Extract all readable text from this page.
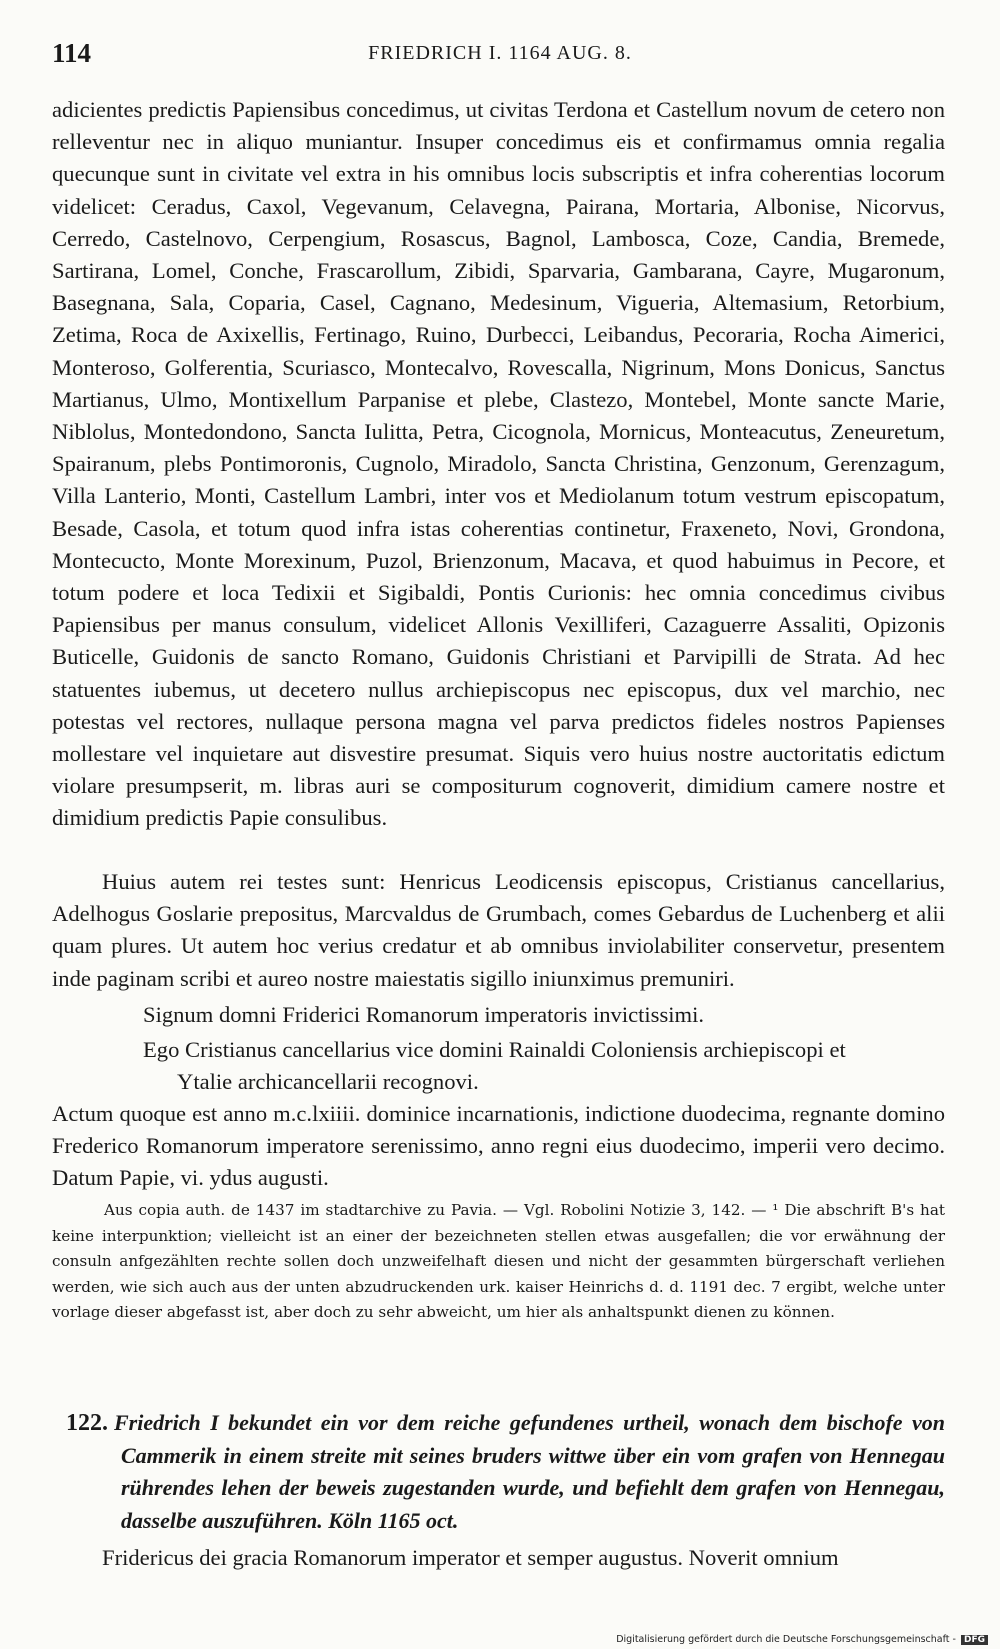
114	FRIEDRICH I. 1164 AUG. 8.

adicientes predictis Papiensibus concedimus, ut civitas Terdona et Castellum novum de cetero non relleventur nec in aliquo muniantur. Insuper concedimus eis et confirmamus omnia regalia quecunque sunt in civitate vel extra in his omnibus locis subscriptis et infra coherentias locorum videlicet: Ceradus, Caxol, Vegevanum, Celavegna, Pairana, Mortaria, Albonise, Nicorvus, Cerredo, Castelnovo, Cerpengium, Rosascus, Bagnol, Lambosca, Coze, Candia, Bremede, Sartirana, Lomel, Conche, Frascarollum, Zibidi, Sparvaria, Gambarana, Cayre, Mugaronum, Basegnana, Sala, Coparia, Casel, Cagnano, Medesinum, Vigueria, Altemasium, Retorbium, Zetima, Roca de Axixellis, Fertinago, Ruino, Durbecci, Leibandus, Pecoraria, Rocha Aimerici, Monteroso, Golferentia, Scuriasco, Montecalvo, Rovescalla, Nigrinum, Mons Donicus, Sanctus Martianus, Ulmo, Montixellum Parpanise et plebe, Clastezo, Montebel, Monte sancte Marie, Niblolus, Montedondono, Sancta Iulitta, Petra, Cicognola, Mornicus, Monteacutus, Zeneuretum, Spairanum, plebs Pontimoronis, Cugnolo, Miradolo, Sancta Christina, Genzonum, Gerenzagum, Villa Lanterio, Monti, Castellum Lambri, inter vos et Mediolanum totum vestrum episcopatum, Besade, Casola, et totum quod infra istas coherentias continetur, Fraxeneto, Novi, Grondona, Montecucto, Monte Morexinum, Puzol, Brienzonum, Macava, et quod habuimus in Pecore, et totum podere et loca Tedixii et Sigibaldi, Pontis Curionis: hec omnia concedimus civibus Papiensibus per manus consulum, videlicet Allonis Vexilliferi, Cazaguerre Assaliti, Opizonis Buticelle, Guidonis de sancto Romano, Guidonis Christiani et Parvipilli de Strata. Ad hec statuentes iubemus, ut decetero nullus archiepiscopus nec episcopus, dux vel marchio, nec potestas vel rectores, nullaque persona magna vel parva predictos fideles nostros Papienses mollestare vel inquietare aut disvestire presumat. Siquis vero huius nostre auctoritatis edictum violare presumpserit, m. libras auri se compositurum cognoverit, dimidium camere nostre et dimidium predictis Papie consulibus.

Huius autem rei testes sunt: Henricus Leodicensis episcopus, Cristianus cancellarius, Adelhogus Goslarie prepositus, Marcvaldus de Grumbach, comes Gebardus de Luchenberg et alii quam plures. Ut autem hoc verius credatur et ab omnibus inviolabiliter conservetur, presentem inde paginam scribi et aureo nostre maiestatis sigillo iniunximus premuniri.

Signum domni Friderici Romanorum imperatoris invictissimi.

Ego Cristianus cancellarius vice domini Rainaldi Coloniensis archiepiscopi et
Ytalie archicancellarii recognovi.

Actum quoque est anno m.c.lxiiii. dominice incarnationis, indictione duodecima, regnante domino Frederico Romanorum imperatore serenissimo, anno regni eius duodecimo, imperii vero decimo. Datum Papie, vi. ydus augusti.

Aus copia auth. de 1437 im stadtarchive zu Pavia. — Vgl. Robolini Notizie 3, 142. — ¹ Die abschrift B's hat keine interpunktion; vielleicht ist an einer der bezeichneten stellen etwas ausgefallen; die vor erwähnung der consuln anfgezählten rechte sollen doch unzweifelhaft diesen und nicht der gesammten bürgerschaft verliehen werden, wie sich auch aus der unten abzudruckenden urk. kaiser Heinrichs d. d. 1191 dec. 7 ergibt, welche unter vorlage dieser abgefasst ist, aber doch zu sehr abweicht, um hier als anhaltspunkt dienen zu können.

122. Friedrich I bekundet ein vor dem reiche gefundenes urtheil, wonach dem bischofe von Cammerik in einem streite mit seines bruders wittwe über ein vom grafen von Hennegau rührendes lehen der beweis zugestanden wurde, und befiehlt dem grafen von Hennegau, dasselbe auszuführen. Köln 1165 oct.

Fridericus dei gracia Romanorum imperator et semper augustus. Noverit omnium

Digitalisierung gefördert durch die Deutsche Forschungsgemeinschaft - DFG
